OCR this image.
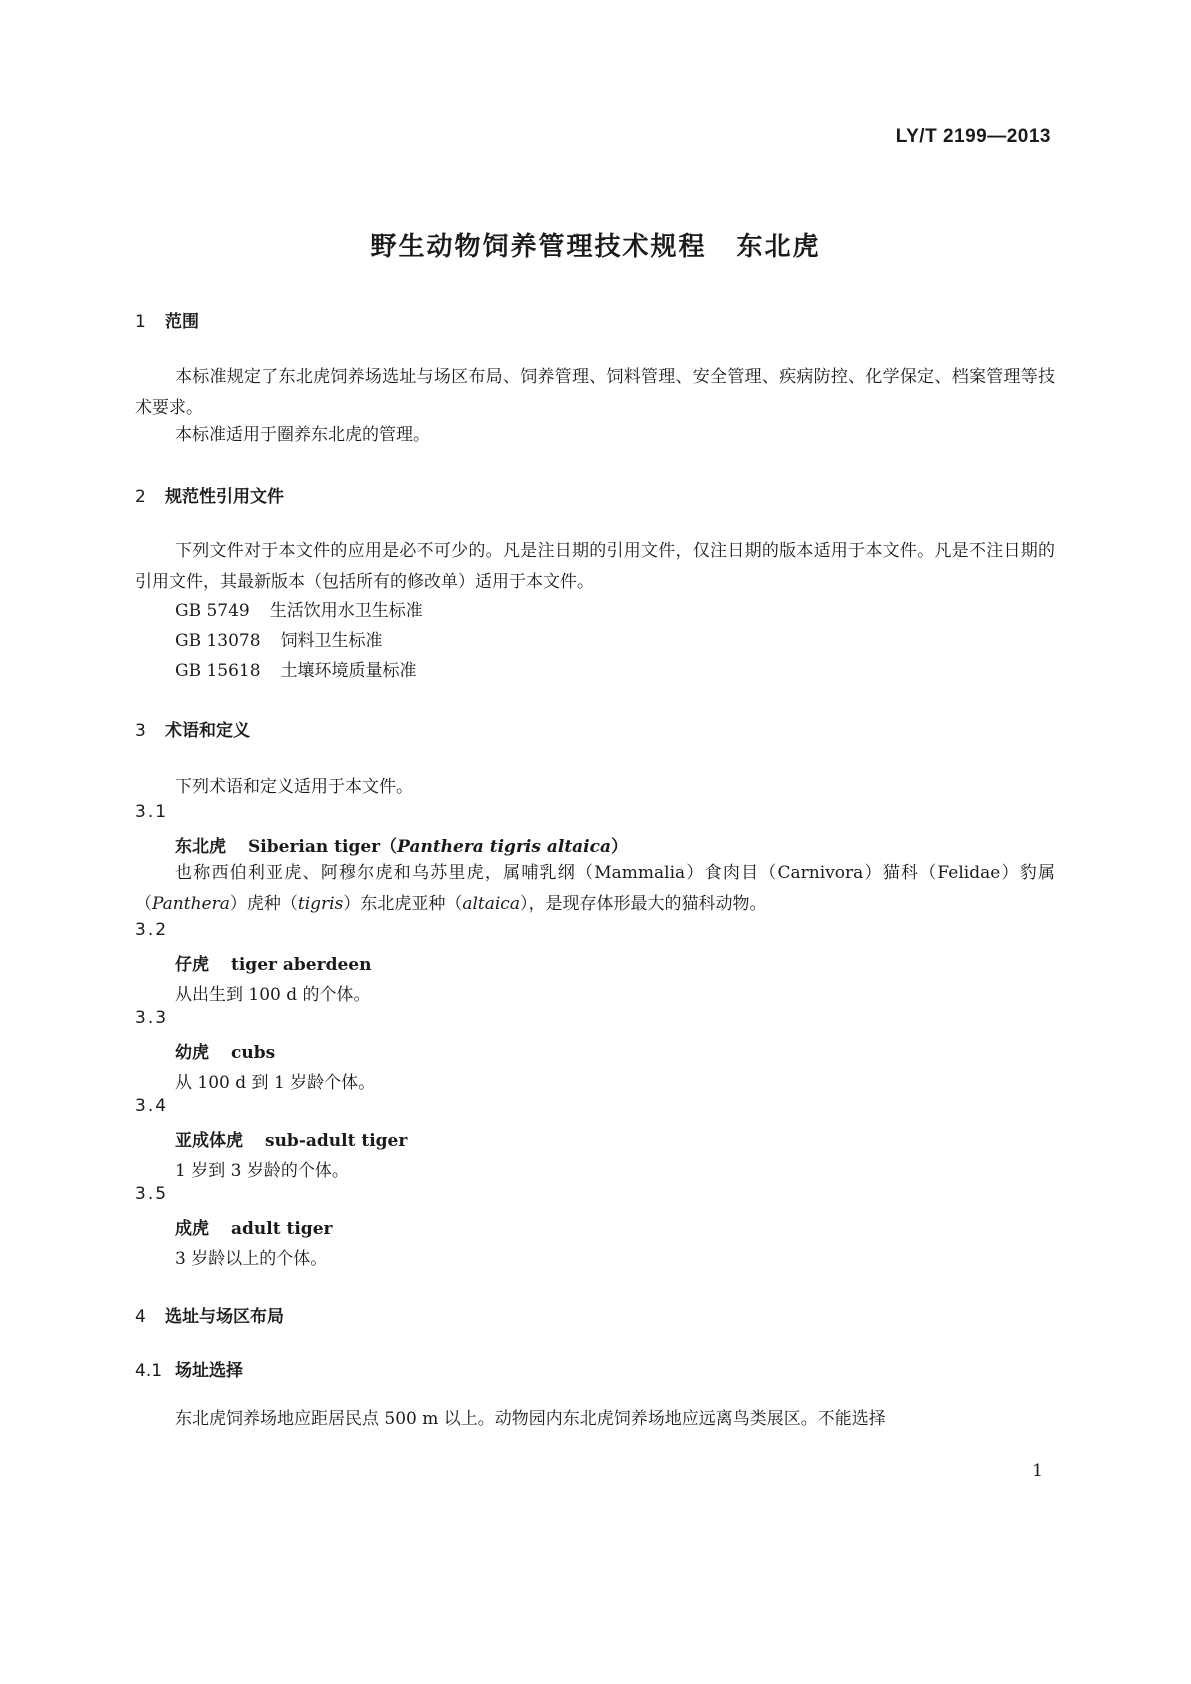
LY/T 2199—2013
野生动物饲养管理技术规程 东北虎
1 范围
本标准规定了东北虎饲养场选址与场区布局、饲养管理、饲料管理、安全管理、疾病防控、化学保定、档案管理等技术要求。
本标准适用于圈养东北虎的管理。
2 规范性引用文件
下列文件对于本文件的应用是必不可少的。凡是注日期的引用文件，仅注日期的版本适用于本文件。凡是不注日期的引用文件，其最新版本（包括所有的修改单）适用于本文件。
GB 5749 生活饮用水卫生标准
GB 13078 饲料卫生标准
GB 15618 土壤环境质量标准
3 术语和定义
下列术语和定义适用于本文件。
3.1
东北虎 Siberian tiger（Panthera tigris altaica）
也称西伯利亚虎、阿穆尔虎和乌苏里虎，属哺乳纲（Mammalia）食肉目（Carnivora）猫科（Felidae）豹属（Panthera）虎种（tigris）东北虎亚种（altaica），是现存体形最大的猫科动物。
3.2
仔虎 tiger aberdeen
从出生到 100 d 的个体。
3.3
幼虎 cubs
从 100 d 到 1 岁龄个体。
3.4
亚成体虎 sub-adult tiger
1 岁到 3 岁龄的个体。
3.5
成虎 adult tiger
3 岁龄以上的个体。
4 选址与场区布局
4.1 场址选择
东北虎饲养场地应距居民点 500 m 以上。动物园内东北虎饲养场地应远离鸟类展区。不能选择
1
